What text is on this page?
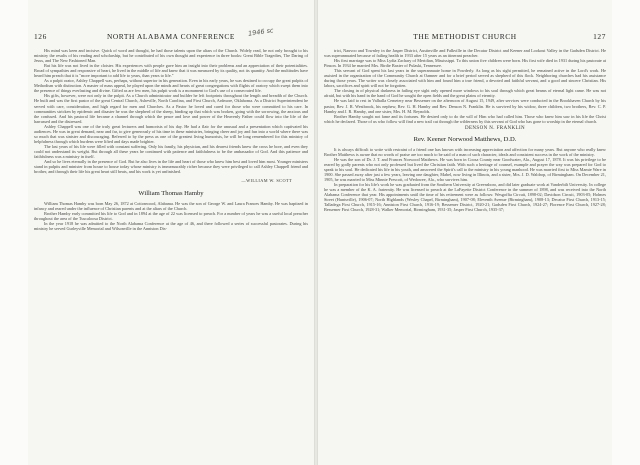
126	NORTH ALABAMA CONFERENCE	1946 sc

His mind was keen and incisive. Quick of word and thought, he had those talents upon the altars of the Church. Widely read, he not only brought to his ministry the results of his reading and scholarship, but he contributed of his own thought and experience in three books: Great Bible Tragedies, The Daring of Jesus, and The New Fashioned Man.

But his life was not lived in the cloister. His experiences with people gave him an insight into their problems and an appreciation of their potentialities. Broad of sympathies and responsive of heart, he lived in the middle of life and knew that it was measured by its quality, not its quantity. And the multitudes have heard him preach that it is "more important to add life to years, than years to life."

As a pulpit orator, Ashley Chappell was, perhaps, without superior in his generation. Even in his early years, he was destined to occupy the great pulpits of Methodism with distinction. A master of mass appeal, he played upon the minds and hearts of great congregations with flights of oratory which swept them into the presence of things everlasting and divine. Gifted as are few men, his pulpit work is a monument to God's use of a consecrated life.

His gifts, however, were not only in the pulpit. As a Church administrator and builder he left footprints throughout the length and breadth of the Church. He built and was the first pastor of the great Central Church, Asheville, North Carolina, and First Church, Ardmore, Oklahoma. As a District Superintendent he served with care, consideration, and high regard for men and Churches. As a Pastor he loved and cared for those who were committed to his care. In communities stricken by epidemic and disaster he was the shepherd of the sheep, binding up that which was broken, going with the sorrowing, the anxious and the confused. And his pastoral life became a channel through which the peace and love and power of the Heavenly Father could flow into the life of the harrassed and the distressed.

Ashley Chappell was one of the truly great lecturers and humorists of his day. He had a flair for the unusual and a presentation which captivated his audiences. He was in great demand, near and far, to give generously of his time in these ministries, bringing cheer and joy and fun into a world where there was so much that was sinister and discouraging. Referred to by the press as one of the greatest living humorists, he will be long remembered for this ministry of helpfulness through which burdens were lifted and days made brighter.

The last years of his life were filled with constant suffering. Only his family, his physician, and his dearest friends knew the cross he bore, and even they could not understand its weight. But through all these years he continued with patience and faithfulness to be the ambassador of God. And this patience and faithfulness was a ministry in itself.

And so he lives eternally in the presence of God. But he also lives in the life and heart of those who knew him best and loved him most. Younger ministers stand in pulpits and minister from house to house today whose ministry is immeasurably richer because they were privileged to call Ashley Chappell friend and brother, and through their life his great heart still beats, and his work is yet unfinished.

—WILLIAM W. SCOTT
William Thomas Hamby

William Thomas Hamby was born May 26, 1872 at Cottonwood, Alabama. He was the son of George W. and Laura Frances Hamby. He was baptized in infancy and reared under the influence of Christian parents and at the altars of the Church.

Brother Hamby early committed his life to God and in 1894 at the age of 22 was licensed to preach. For a number of years he was a useful local preacher throughout the area of the Tuscaloosa District.

In the year 1918 he was admitted to the North Alabama Conference at the age of 46, and there followed a series of successful pastorates. During his ministry he served Gurleyville Memorial and Wilsonville in the Anniston Dis-

THE METHODIST CHURCH	127

trict, Nauvoo and Townley in the Jasper District, Austinville and Falkville in the Decatur District and Keener and Lookout Valley in the Gadsden District. He was superannuated because of failing health in 1933 after 15 years as an itinerant preacher.

His first marriage was to Miss Lydia Zachary of Meridian, Mississippi. To this union five children were born. His first wife died in 1931 during his pastorate at Pinson. In 1934 he married Mrs. Birdie Baxter of Pulaski, Tennessee.

This servant of God spent his last years in the superannuate home in Powderly. As long as his sight permitted, he remained active in the Lord's work. He assisted in the organization of the Community Church at Oamner and for a brief period served as shepherd of this flock. Neighboring churches had his assistance during those years. The writer was closely associated with him and found him a true friend, a devoted and faithful servant, and a good and sincere Christian. His labors, sacrifices and spirit will not be forgotten.

The closing in of physical darkness in failing eye sight only opened more windows to his soul through which great beams of eternal light came. He was not afraid, but with his hand in the hand of God he sought the open fields and the great plains of eternity.

He was laid to rest in Valhalla Cemetery near Bessemer on the afternoon of August 15, 1949, after services were conducted in the Brookhaven Church by his pastor, Rev. J. R. Westbrook, his nephew, Rev. G. H. Hamby and Rev. Denson N. Franklin. He is survived by his widow, three children, two brothers, Rev. C. P. Hamby and J. R. Hamby, and one sister, Mrs. H. M. Reynolds.

Brother Hamby sought not fame and its fortunes. He desired only to do the will of Him who had called him. Those who knew him saw in his life the Christ which he declared. Those of us who follow will find a new trail cut through the wilderness by this servant of God who has gone to worship in the eternal church.

DENSON N. FRANKLIN
Rev. Keener Norwood Matthews, D.D.

It is always difficult to write with restraint of a friend one has known with increasing appreciation and affection for many years. But anyone who really knew Brother Matthews is aware that no words of praise are too much to be said of a man of such character, ideals and consistent success in the work of the ministry.

He was the son of Dr. J. T. and Frances Norwood Matthews. He was born in Coosa County near Goodwater, Ala., August 17, 1878. It was his privilege to be reared by godly parents who not only professed but lived the Christian faith. With such a heritage of counsel, example and prayer the way was prepared for God to speak to his soul. He dedicated his life in his youth, and answered the Spirit's call to the ministry in his young manhood. He was married first to Miss Mamie Ware in 1900. She passed away after just a few years, leaving one daughter, Mabel, now living in Illinois, and a sister, Mrs. J. D. Waldrop, of Birmingham. On December 21, 1905, he was married to Miss Minnie Prescott, of Wedowee, Ala., who survives him.

In preparation for his life's work he was graduated from the Southern University at Greensboro, and did later graduate work at Vanderbilt University. In college he was a member of the K. A. fraternity. He was licensed to preach at the LaFayette District Conference in the summer of 1898, and was received into the North Alabama Conference that year. His appointments until the time of his retirement were as follows: Wesgoffia Circuit, 1898-02; Davidson Circuit, 1903-05; Holmes Street (Huntsville), 1906-07; North Highlands (Wesley Chapel, Birmingham), 1907-08; Eleventh Avenue (Birmingham), 1908-13; Decatur First Church, 1913-15; Talladega First Church, 1915-16; Anniston First Church, 1916-19; Bessemer District, 1920-21; Gadsden First Church, 1924-27; Florence First Church, 1927-28; Bessemer First Church, 1928-31; Walker Memorial, Birmingham, 1931-35; Jasper First Church, 1935-37;
